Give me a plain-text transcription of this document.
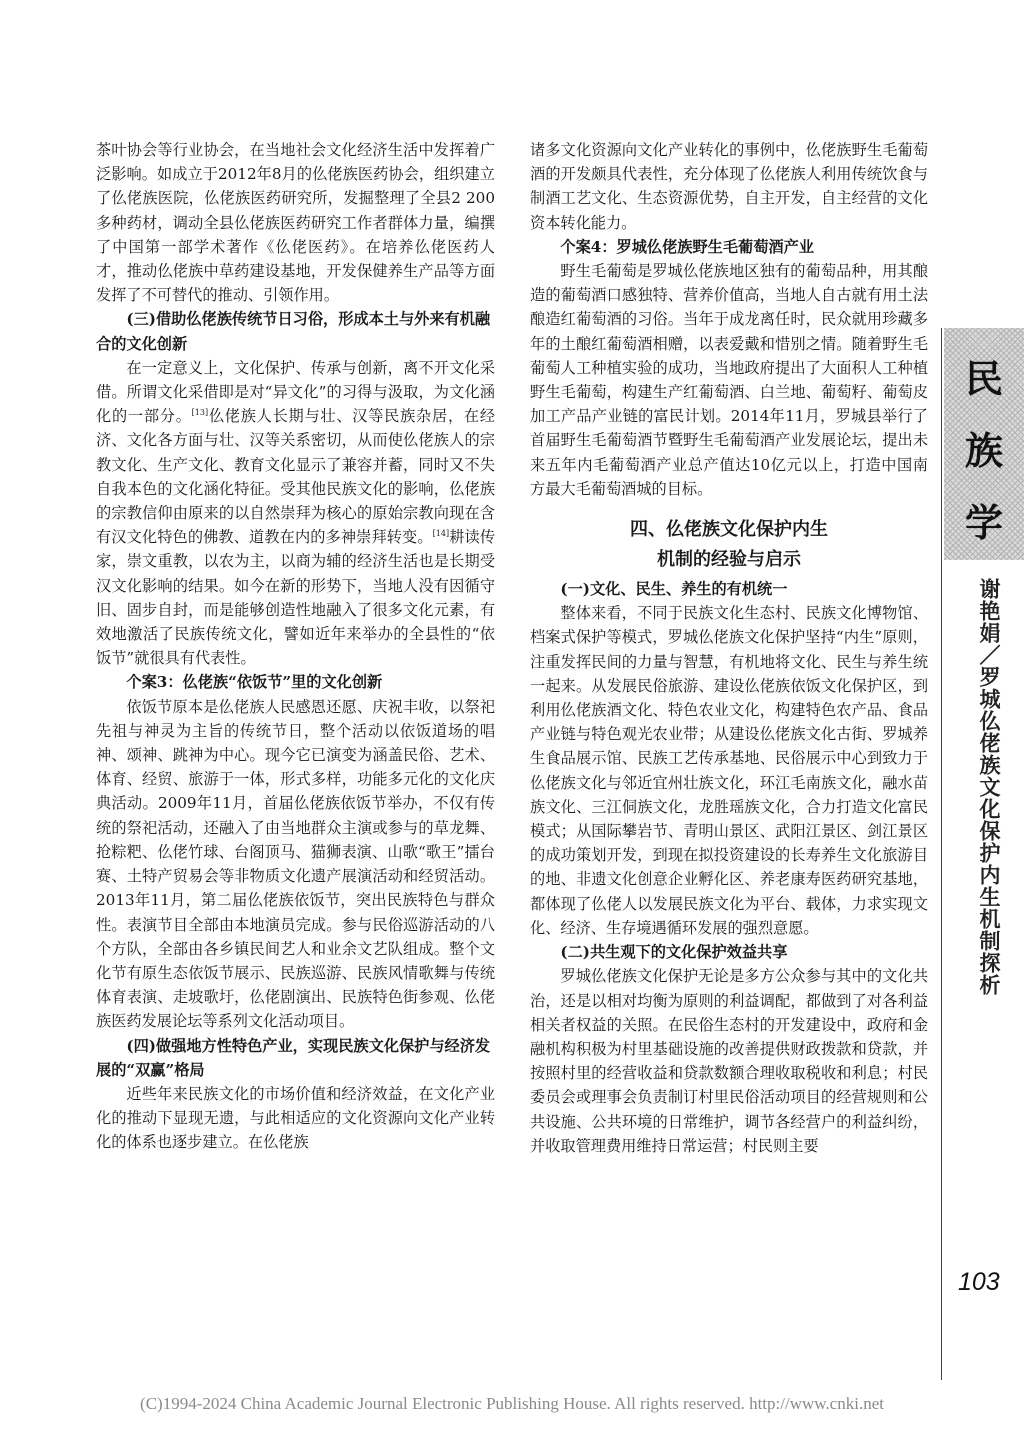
茶叶协会等行业协会，在当地社会文化经济生活中发挥着广泛影响。如成立于2012年8月的仫佬族医药协会，组织建立了仫佬族医院，仫佬族医药研究所，发掘整理了全县2 200多种药材，调动全县仫佬族医药研究工作者群体力量，编撰了中国第一部学术著作《仫佬医药》。在培养仫佬医药人才，推动仫佬族中草药建设基地，开发保健养生产品等方面发挥了不可替代的推动、引领作用。

(三)借助仫佬族传统节日习俗，形成本土与外来有机融合的文化创新

在一定意义上，文化保护、传承与创新，离不开文化采借。所谓文化采借即是对“异文化”的习得与汲取，为文化涵化的一部分。[13]仫佬族人长期与壮、汉等民族杂居，在经济、文化各方面与壮、汉等关系密切，从而使仫佬族人的宗教文化、生产文化、教育文化显示了兼容并蓄，同时又不失自我本色的文化涵化特征。受其他民族文化的影响，仫佬族的宗教信仰由原来的以自然崇拜为核心的原始宗教向现在含有汉文化特色的佛教、道教在内的多神崇拜转变。[14]耕读传家，崇文重教，以农为主，以商为辅的经济生活也是长期受汉文化影响的结果。如今在新的形势下，当地人没有因循守旧、固步自封，而是能够创造性地融入了很多文化元素，有效地激活了民族传统文化，譬如近年来举办的全县性的“依饭节”就很具有代表性。

个案3：仫佬族“依饭节”里的文化创新

依饭节原本是仫佬族人民感恩还愿、庆祝丰收，以祭祀先祖与神灵为主旨的传统节日，整个活动以依饭道场的唱神、颂神、跳神为中心。现今它已演变为涵盖民俗、艺术、体育、经贸、旅游于一体，形式多样，功能多元化的文化庆典活动。2009年11月，首届仫佬族依饭节举办，不仅有传统的祭祀活动，还融入了由当地群众主演或参与的草龙舞、抢粽粑、仫佬竹球、台阁顶马、猫狮表演、山歌“歌王”擂台赛、土特产贸易会等非物质文化遗产展演活动和经贸活动。2013年11月，第二届仫佬族依饭节，突出民族特色与群众性。表演节目全部由本地演员完成。参与民俗巡游活动的八个方队，全部由各乡镇民间艺人和业余文艺队组成。整个文化节有原生态依饭节展示、民族巡游、民族风情歌舞与传统体育表演、走坡歌圩，仫佬剧演出、民族特色街参观、仫佬族医药发展论坛等系列文化活动项目。

(四)做强地方性特色产业，实现民族文化保护与经济发展的“双赢”格局

近些年来民族文化的市场价值和经济效益，在文化产业化的推动下显现无遗，与此相适应的文化资源向文化产业转化的体系也逐步建立。在仫佬族

诸多文化资源向文化产业转化的事例中，仫佬族野生毛葡萄酒的开发颇具代表性，充分体现了仫佬族人利用传统饮食与制酒工艺文化、生态资源优势，自主开发，自主经营的文化资本转化能力。

个案4：罗城仫佬族野生毛葡萄酒产业

野生毛葡萄是罗城仫佬族地区独有的葡萄品种，用其酿造的葡萄酒口感独特、营养价值高，当地人自古就有用土法酿造红葡萄酒的习俗。当年于成龙离任时，民众就用珍藏多年的土酿红葡萄酒相赠，以表爱戴和惜别之情。随着野生毛葡萄人工种植实验的成功，当地政府提出了大面积人工种植野生毛葡萄，构建生产红葡萄酒、白兰地、葡萄籽、葡萄皮加工产品产业链的富民计划。2014年11月，罗城县举行了首届野生毛葡萄酒节暨野生毛葡萄酒产业发展论坛，提出未来五年内毛葡萄酒产业总产值达10亿元以上，打造中国南方最大毛葡萄酒城的目标。

四、仫佬族文化保护内生
机制的经验与启示
(一)文化、民生、养生的有机统一

整体来看，不同于民族文化生态村、民族文化博物馆、档案式保护等模式，罗城仫佬族文化保护坚持“内生”原则，注重发挥民间的力量与智慧，有机地将文化、民生与养生统一起来。从发展民俗旅游、建设仫佬族依饭文化保护区，到利用仫佬族酒文化、特色农业文化，构建特色农产品、食品产业链与特色观光农业带；从建设仫佬族文化古街、罗城养生食品展示馆、民族工艺传承基地、民俗展示中心到致力于仫佬族文化与邻近宜州壮族文化，环江毛南族文化，融水苗族文化、三江侗族文化，龙胜瑶族文化，合力打造文化富民模式；从国际攀岩节、青明山景区、武阳江景区、剑江景区的成功策划开发，到现在拟投资建设的长寿养生文化旅游目的地、非遗文化创意企业孵化区、养老康寿医药研究基地，都体现了仫佬人以发展民族文化为平台、载体，力求实现文化、经济、生存境遇循环发展的强烈意愿。

(二)共生观下的文化保护效益共享

罗城仫佬族文化保护无论是多方公众参与其中的文化共治，还是以相对均衡为原则的利益调配，都做到了对各利益相关者权益的关照。在民俗生态村的开发建设中，政府和金融机构积极为村里基础设施的改善提供财政拨款和贷款，并按照村里的经营收益和贷款数额合理收取税收和利息；村民委员会或理事会负责制订村里民俗活动项目的经营规则和公共设施、公共环境的日常维护，调节各经营户的利益纠纷，并收取管理费用维持日常运营；村民则主要

民
族
学
谢艳娟／罗城仫佬族文化保护内生机制探析
103
(C)1994-2024 China Academic Journal Electronic Publishing House. All rights reserved. http://www.cnki.net
